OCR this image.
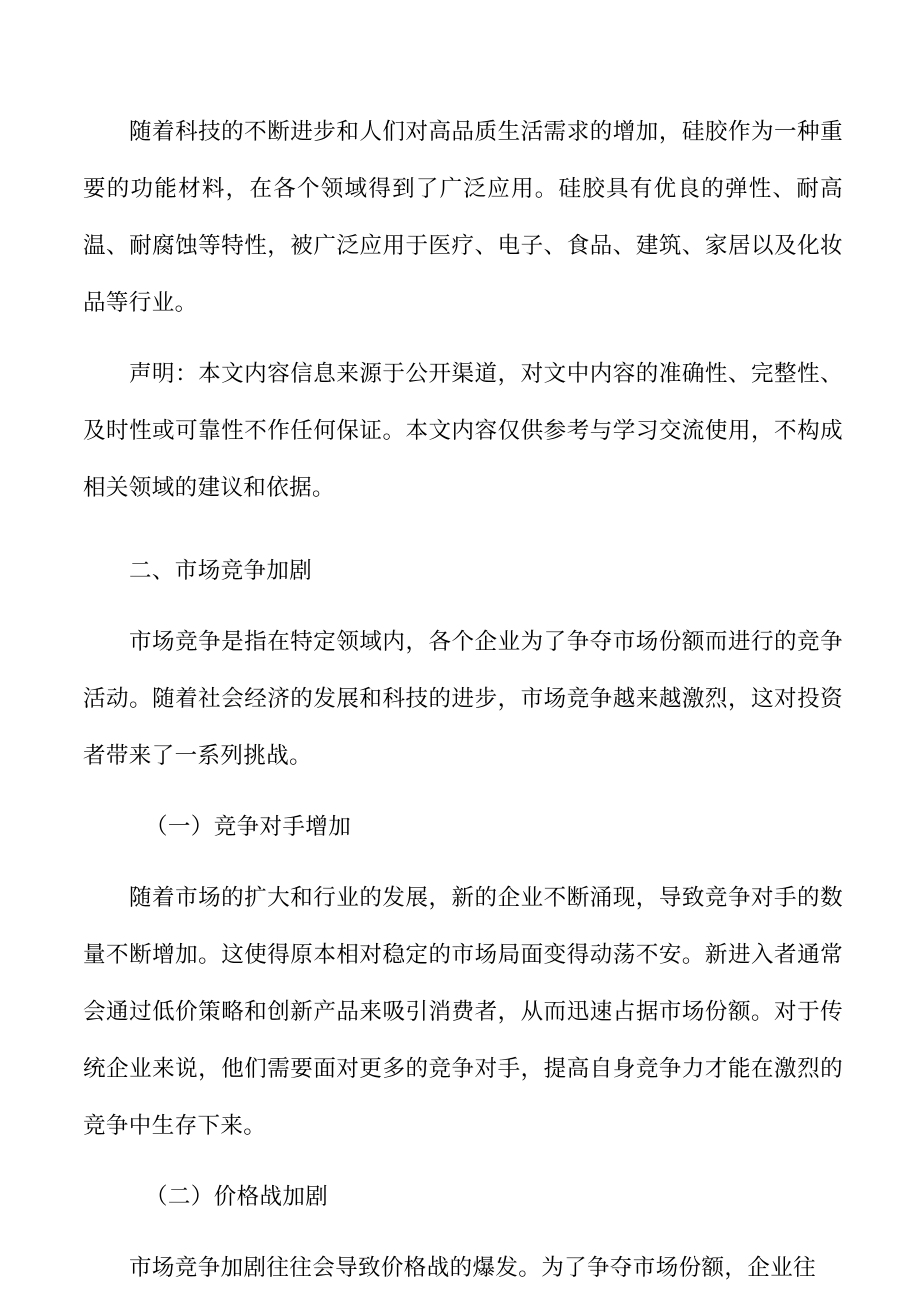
随着科技的不断进步和人们对高品质生活需求的增加，硅胶作为一种重要的功能材料，在各个领域得到了广泛应用。硅胶具有优良的弹性、耐高温、耐腐蚀等特性，被广泛应用于医疗、电子、食品、建筑、家居以及化妆品等行业。

声明：本文内容信息来源于公开渠道，对文中内容的准确性、完整性、及时性或可靠性不作任何保证。本文内容仅供参考与学习交流使用，不构成相关领域的建议和依据。

二、市场竞争加剧

市场竞争是指在特定领域内，各个企业为了争夺市场份额而进行的竞争活动。随着社会经济的发展和科技的进步，市场竞争越来越激烈，这对投资者带来了一系列挑战。

（一）竞争对手增加

随着市场的扩大和行业的发展，新的企业不断涌现，导致竞争对手的数量不断增加。这使得原本相对稳定的市场局面变得动荡不安。新进入者通常会通过低价策略和创新产品来吸引消费者，从而迅速占据市场份额。对于传统企业来说，他们需要面对更多的竞争对手，提高自身竞争力才能在激烈的竞争中生存下来。

（二）价格战加剧

市场竞争加剧往往会导致价格战的爆发。为了争夺市场份额，企业往
